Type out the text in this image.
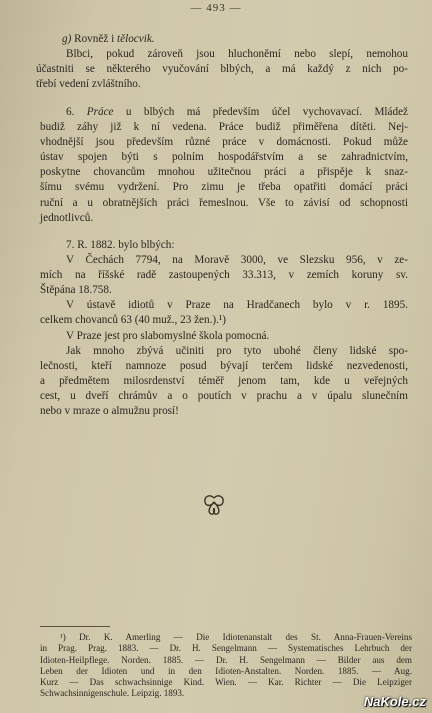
— 493 —
g) Rovněž i tělocvik.
Blbci, pokud zároveň jsou hluchoněmí nebo slepí, nemohou
účastniti se některého vyučování blbých, a má každý z nich po-
třebí vedení zvláštního.
6. Práce u blbých má především účel vychovavací. Mládež
budiž záhy již k ní vedena. Práce budiž přiměřena dítěti. Nej-
vhodnější jsou především různé práce v domácnosti. Pokud může
ústav spojen býti s polním hospodářstvím a se zahradnictvím,
poskytne chovancům mnohou užitečnou práci a přispěje k snaz-
šímu svému vydržení. Pro zimu je třeba opatřiti domácí práci
ruční a u obratnějších práci řemeslnou. Vše to závisí od schopnosti
jednotlivců.
7. R. 1882. bylo blbých:
V Čechách 7794, na Moravě 3000, ve Slezsku 956, v ze-
mích na říšské radě zastoupených 33.313, v zemích koruny sv.
Štěpána 18.758.
V ústavě idiotů v Praze na Hradčanech bylo v r. 1895.
celkem chovanců 63 (40 muž., 23 žen.).¹)
V Praze jest pro slabomyslné škola pomocná.
Jak mnoho zbývá učiniti pro tyto ubohé členy lidské spo-
lečnosti, kteří namnoze posud bývají terčem lidské nezvedenosti,
a předmětem milosrdenství téměř jenom tam, kde u veřejných
cest, u dveří chrámův a o poutích v prachu a v úpalu slunečním
nebo v mraze o almužnu prosí!
¹) Dr. K. Amerling — Die Idiotenanstalt des St. Anna-Frauen-Vereins
in Prag. Prag. 1883. — Dr. H. Sengelmann — Systematisches Lehrbuch der
Idioten-Heilpflege. Norden. 1885. — Dr. H. Sengelmann — Bilder aus dem
Leben der Idioten und in den Idioten-Anstalten. Norden. 1885. — Aug.
Kurz — Das schwachsinnige Kind. Wien. — Kar. Richter — Die Leipziger
Schwachsinnigenschule. Leipzig. 1893.
NaKole.cz
